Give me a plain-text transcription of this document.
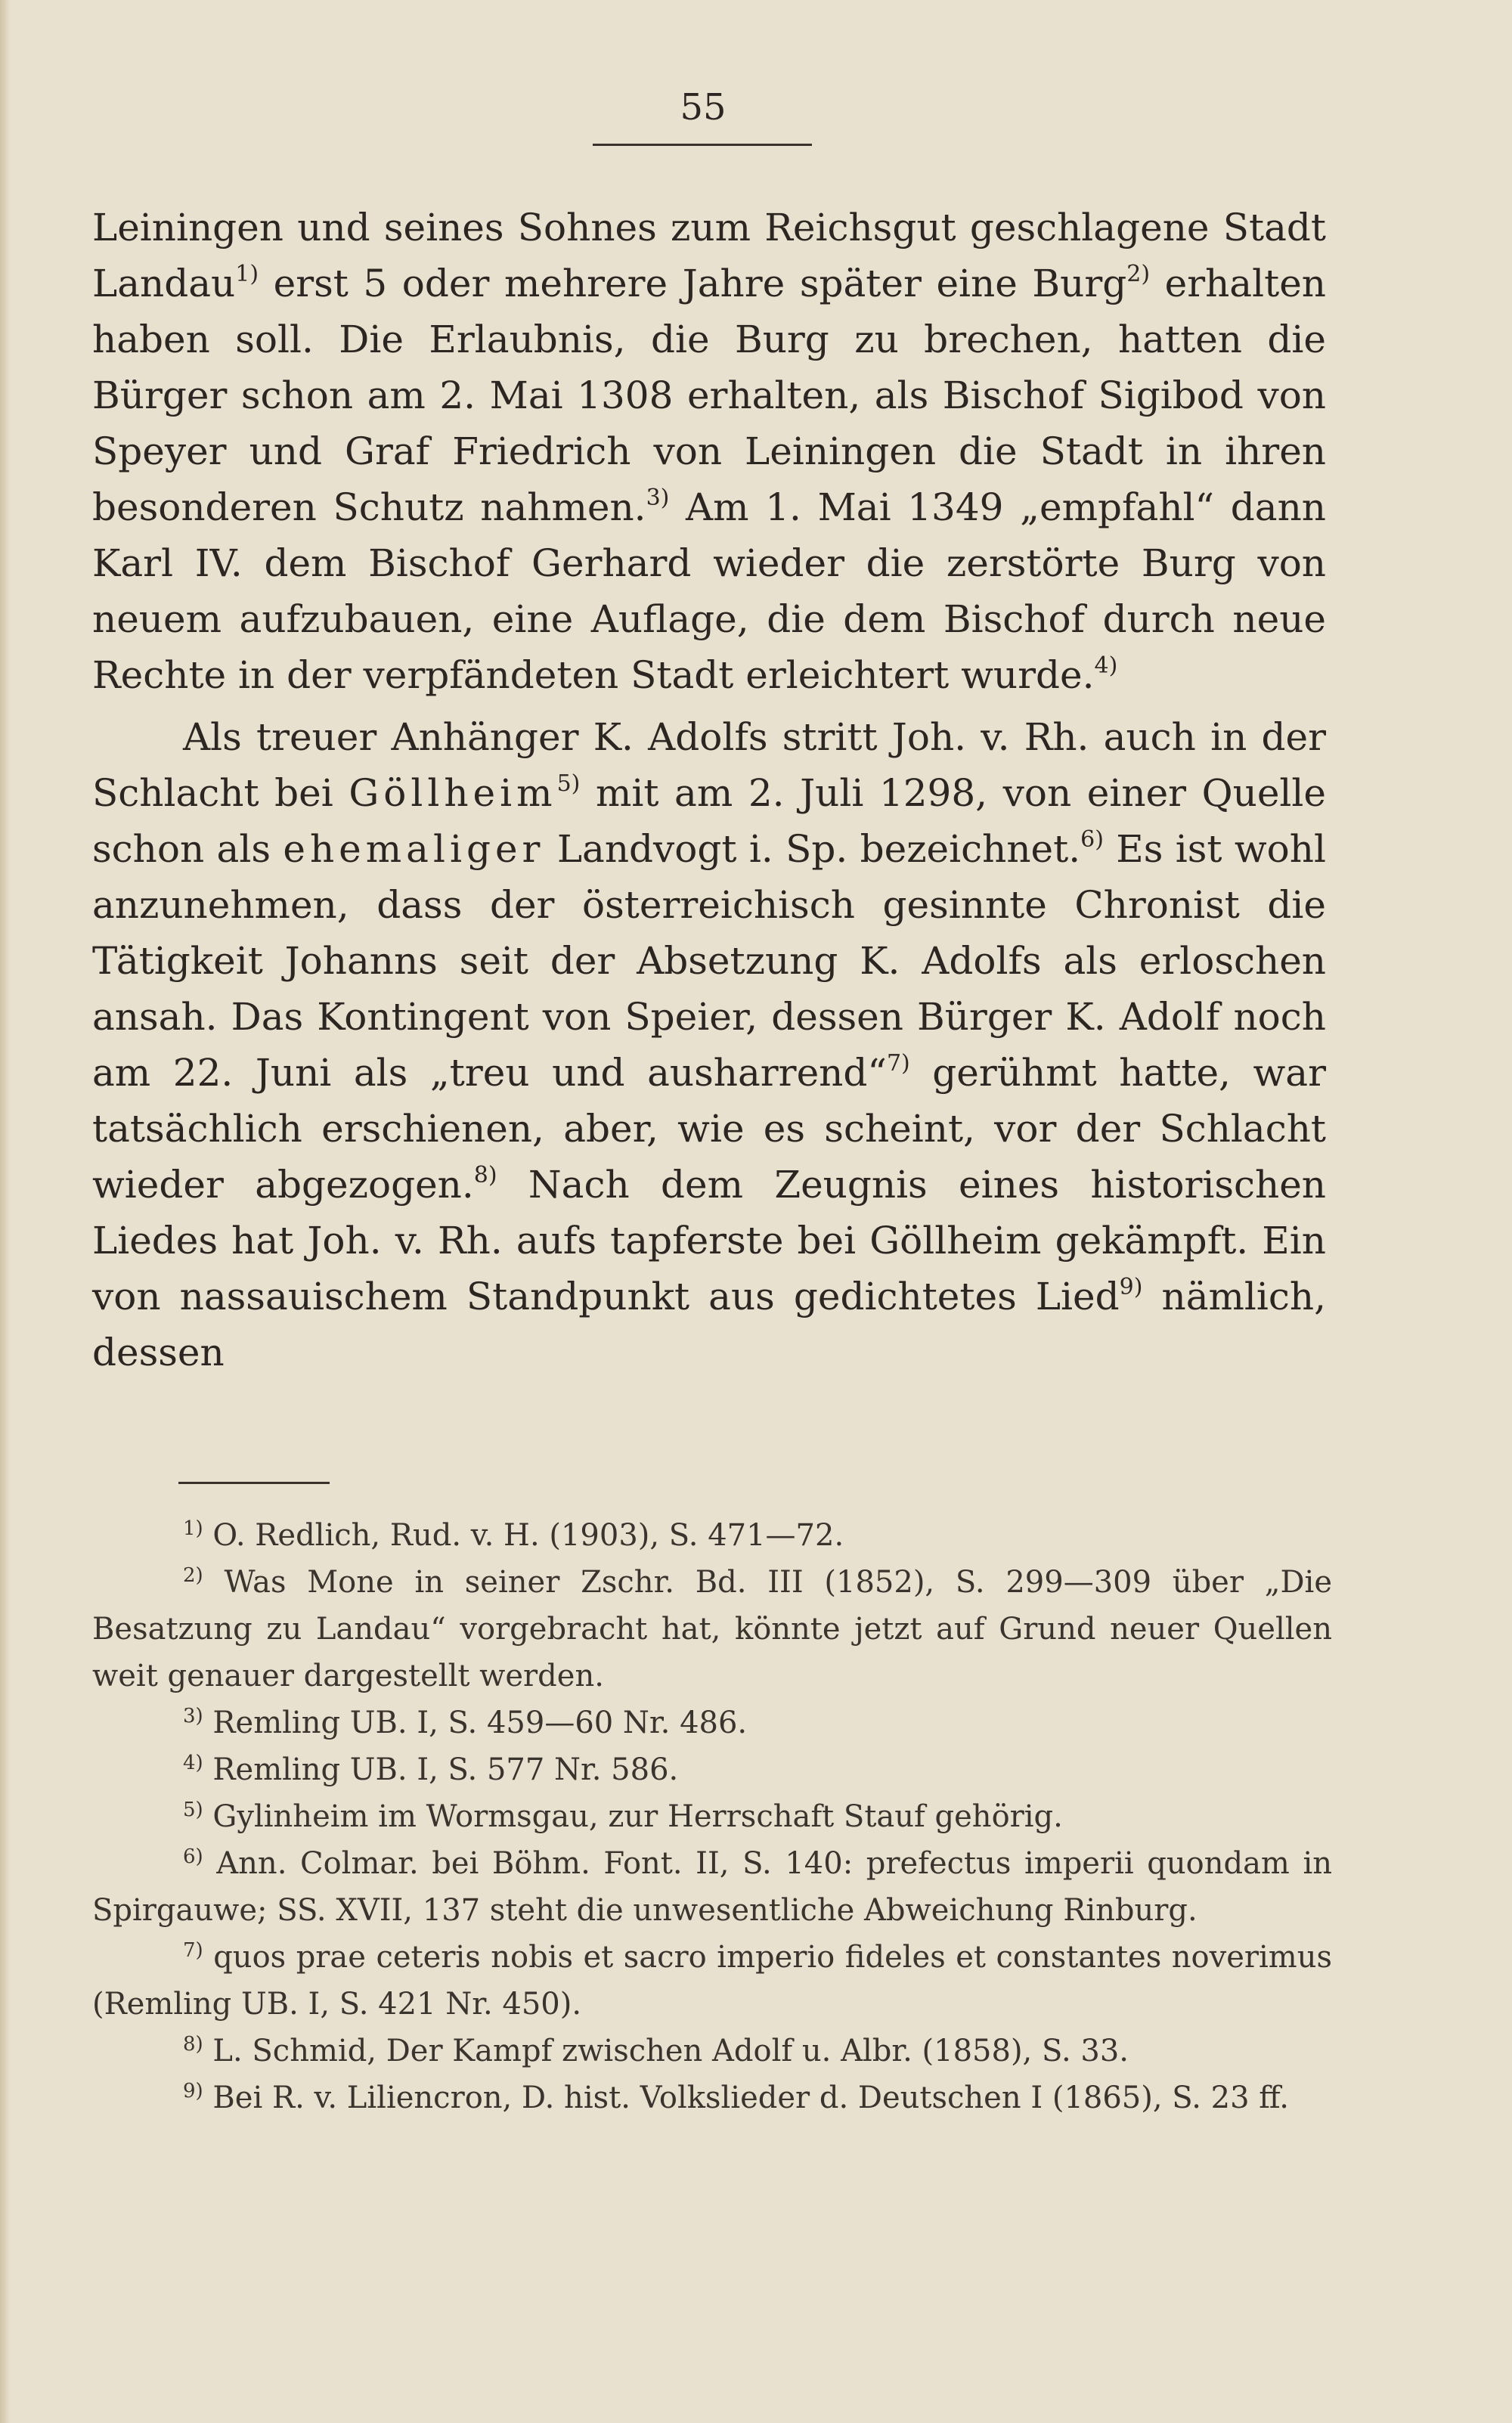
55

Leiningen und seines Sohnes zum Reichsgut geschlagene Stadt Landau$^{1)}$ erst 5 oder mehrere Jahre später eine Burg$^{2)}$ erhalten haben soll. Die Erlaubnis, die Burg zu brechen, hatten die Bürger schon am 2. Mai 1308 erhalten, als Bischof Sigibod von Speyer und Graf Friedrich von Leiningen die Stadt in ihren besonderen Schutz nahmen.$^{3)}$ Am 1. Mai 1349 „empfahl“ dann Karl IV. dem Bischof Gerhard wieder die zerstörte Burg von neuem aufzubauen, eine Auflage, die dem Bischof durch neue Rechte in der verpfändeten Stadt erleichtert wurde.$^{4)}$

Als treuer Anhänger K. Adolfs stritt Joh. v. Rh. auch in der Schlacht bei Göllheim$^{5)}$ mit am 2. Juli 1298, von einer Quelle schon als ehemaliger Landvogt i. Sp. bezeichnet.$^{6)}$ Es ist wohl anzunehmen, dass der österreichisch gesinnte Chronist die Tätigkeit Johanns seit der Absetzung K. Adolfs als erloschen ansah. Das Kontingent von Speier, dessen Bürger K. Adolf noch am 22. Juni als „treu und ausharrend“$^{7)}$ gerühmt hatte, war tatsächlich erschienen, aber, wie es scheint, vor der Schlacht wieder abgezogen.$^{8)}$ Nach dem Zeugnis eines historischen Liedes hat Joh. v. Rh. aufs tapferste bei Göllheim gekämpft. Ein von nassauischem Standpunkt aus gedichtetes Lied$^{9)}$ nämlich, dessen

$^{1)}$ O. Redlich, Rud. v. H. (1903), S. 471—72.

$^{2)}$ Was Mone in seiner Zschr. Bd. III (1852), S. 299—309 über „Die Besatzung zu Landau“ vorgebracht hat, könnte jetzt auf Grund neuer Quellen weit genauer dargestellt werden.

$^{3)}$ Remling UB. I, S. 459—60 Nr. 486.

$^{4)}$ Remling UB. I, S. 577 Nr. 586.

$^{5)}$ Gylinheim im Wormsgau, zur Herrschaft Stauf gehörig.

$^{6)}$ Ann. Colmar. bei Böhm. Font. II, S. 140: prefectus imperii quondam in Spirgauwe; SS. XVII, 137 steht die unwesentliche Abweichung Rinburg.

$^{7)}$ quos prae ceteris nobis et sacro imperio fideles et constantes noverimus (Remling UB. I, S. 421 Nr. 450).

$^{8)}$ L. Schmid, Der Kampf zwischen Adolf u. Albr. (1858), S. 33.

$^{9)}$ Bei R. v. Liliencron, D. hist. Volkslieder d. Deutschen I (1865), S. 23 ff.
